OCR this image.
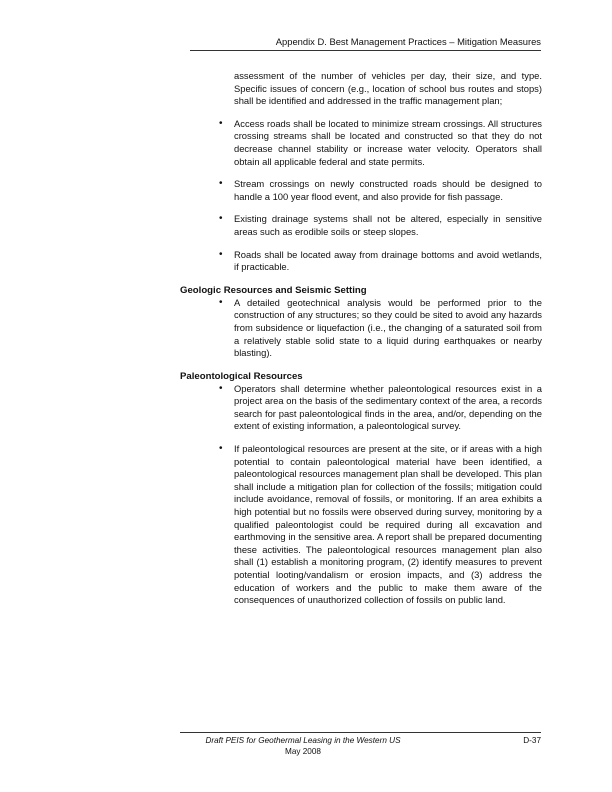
Appendix D. Best Management Practices – Mitigation Measures

assessment of the number of vehicles per day, their size, and type. Specific issues of concern (e.g., location of school bus routes and stops) shall be identified and addressed in the traffic management plan;

• Access roads shall be located to minimize stream crossings. All structures crossing streams shall be located and constructed so that they do not decrease channel stability or increase water velocity. Operators shall obtain all applicable federal and state permits.
• Stream crossings on newly constructed roads should be designed to handle a 100 year flood event, and also provide for fish passage.
• Existing drainage systems shall not be altered, especially in sensitive areas such as erodible soils or steep slopes.
• Roads shall be located away from drainage bottoms and avoid wetlands, if practicable.
Geologic Resources and Seismic Setting
• A detailed geotechnical analysis would be performed prior to the construction of any structures; so they could be sited to avoid any hazards from subsidence or liquefaction (i.e., the changing of a saturated soil from a relatively stable solid state to a liquid during earthquakes or nearby blasting).
Paleontological Resources
• Operators shall determine whether paleontological resources exist in a project area on the basis of the sedimentary context of the area, a records search for past paleontological finds in the area, and/or, depending on the extent of existing information, a paleontological survey.
• If paleontological resources are present at the site, or if areas with a high potential to contain paleontological material have been identified, a paleontological resources management plan shall be developed. This plan shall include a mitigation plan for collection of the fossils; mitigation could include avoidance, removal of fossils, or monitoring. If an area exhibits a high potential but no fossils were observed during survey, monitoring by a qualified paleontologist could be required during all excavation and earthmoving in the sensitive area. A report shall be prepared documenting these activities. The paleontological resources management plan also shall (1) establish a monitoring program, (2) identify measures to prevent potential looting/vandalism or erosion impacts, and (3) address the education of workers and the public to make them aware of the consequences of unauthorized collection of fossils on public land.
Draft PEIS for Geothermal Leasing in the Western US
May 2008
D-37
